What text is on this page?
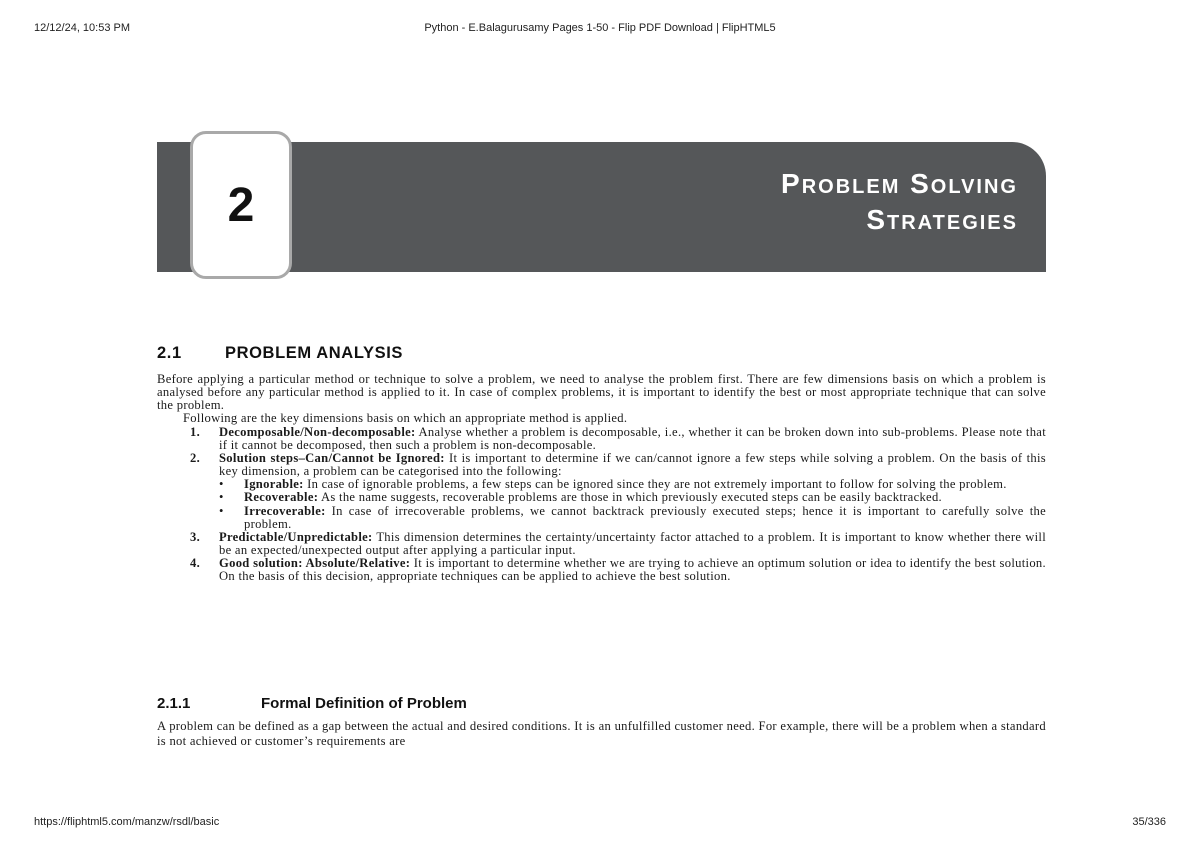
12/12/24, 10:53 PM	Python - E.Balagurusamy Pages 1-50 - Flip PDF Download | FlipHTML5
2	Problem Solving
Strategies
2.1	PROBLEM ANALYSIS

Before applying a particular method or technique to solve a problem, we need to analyse the problem first. There are few dimensions basis on which a problem is analysed before any particular method is applied to it. In case of complex problems, it is important to identify the best or most appropriate technique that can solve the problem.

Following are the key dimensions basis on which an appropriate method is applied.

1. Decomposable/Non-decomposable: Analyse whether a problem is decomposable, i.e., whether it can be broken down into sub-problems. Please note that if it cannot be decomposed, then such a problem is non-decomposable.
2. Solution steps–Can/Cannot be Ignored: It is important to determine if we can/cannot ignore a few steps while solving a problem. On the basis of this key dimension, a problem can be categorised into the following:
• Ignorable: In case of ignorable problems, a few steps can be ignored since they are not extremely important to follow for solving the problem.
• Recoverable: As the name suggests, recoverable problems are those in which previously executed steps can be easily backtracked.
• Irrecoverable: In case of irrecoverable problems, we cannot backtrack previously executed steps; hence it is important to carefully solve the problem.
3. Predictable/Unpredictable: This dimension determines the certainty/uncertainty factor attached to a problem. It is important to know whether there will be an expected/unexpected output after applying a particular input.
4. Good solution: Absolute/Relative: It is important to determine whether we are trying to achieve an optimum solution or idea to identify the best solution. On the basis of this decision, appropriate techniques can be applied to achieve the best solution.
2.1.1	Formal Definition of Problem

A problem can be defined as a gap between the actual and desired conditions. It is an unfulfilled customer need. For example, there will be a problem when a standard is not achieved or customer’s requirements are

https://fliphtml5.com/manzw/rsdl/basic	35/336
